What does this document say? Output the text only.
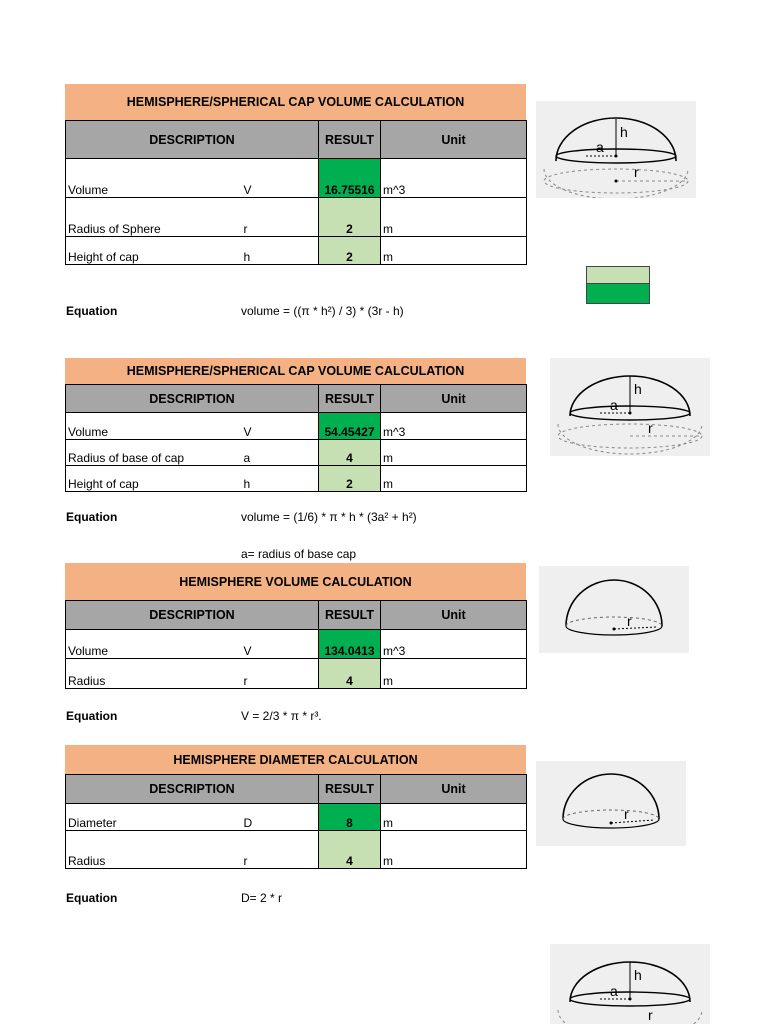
HEMISPHERE/SPHERICAL CAP VOLUME CALCULATION
DESCRIPTION		RESULT	Unit
Volume	V	16.75516	m^3
Radius of Sphere	r	2	m
Height of cap	h	2	m
Equation	volume = ((π * h²) / 3) * (3r - h)
HEMISPHERE/SPHERICAL CAP VOLUME CALCULATION
DESCRIPTION		RESULT	Unit
Volume	V	54.45427	m^3
Radius of base of cap	a	4	m
Height of cap	h	2	m
Equation	volume = (1/6) * π * h * (3a² + h²)
a= radius of base cap
HEMISPHERE VOLUME CALCULATION
DESCRIPTION		RESULT	Unit
Volume	V	134.0413	m^3
Radius	r	4	m
Equation	V = 2/3 * π * r³.
HEMISPHERE DIAMETER CALCULATION
DESCRIPTION		RESULT	Unit
Diameter	D	8	m
Radius	r	4	m
Equation	D= 2 * r
h
a
r
h
a
r
r
r
h
a
r
